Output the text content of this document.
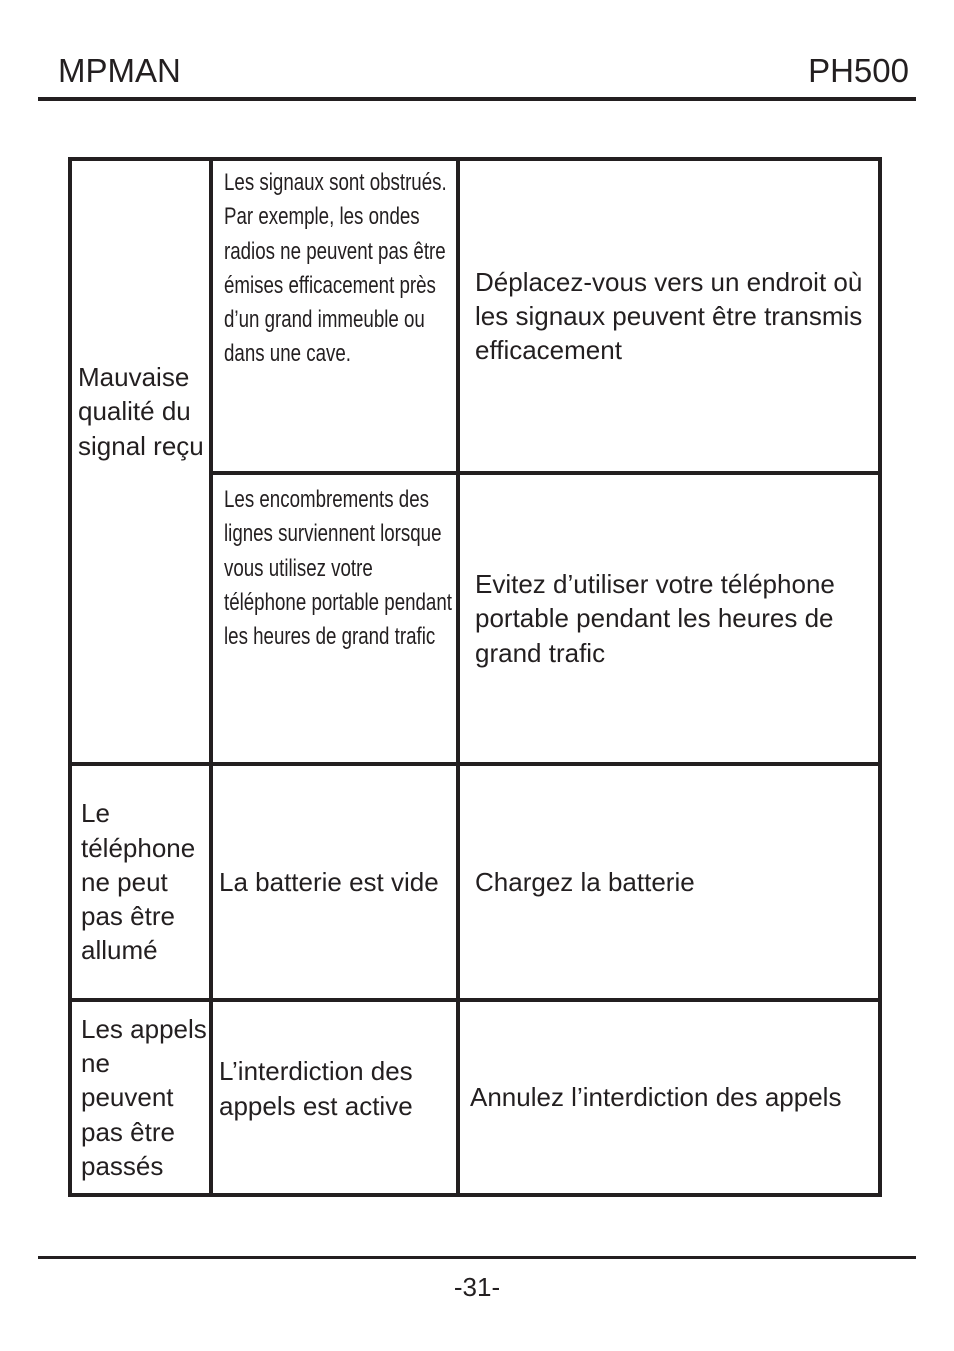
MPMAN	PH500
Mauvaise qualité du signal reçu
Les signaux sont obstrués. Par exemple, les ondes radios ne peuvent pas être émises efficacement près d’un grand immeuble ou dans une cave.
Déplacez-vous vers un endroit où les signaux peuvent être transmis efficacement
Les encombrements des lignes surviennent lorsque vous utilisez votre téléphone portable pendant les heures de grand trafic
Evitez d’utiliser votre téléphone portable pendant les heures de grand trafic
Le téléphone ne peut pas être allumé
La batterie est vide Chargez la batterie
Les appels ne peuvent pas être passés
L’interdiction des appels est active	Annulez l’interdiction des appels
-31-
